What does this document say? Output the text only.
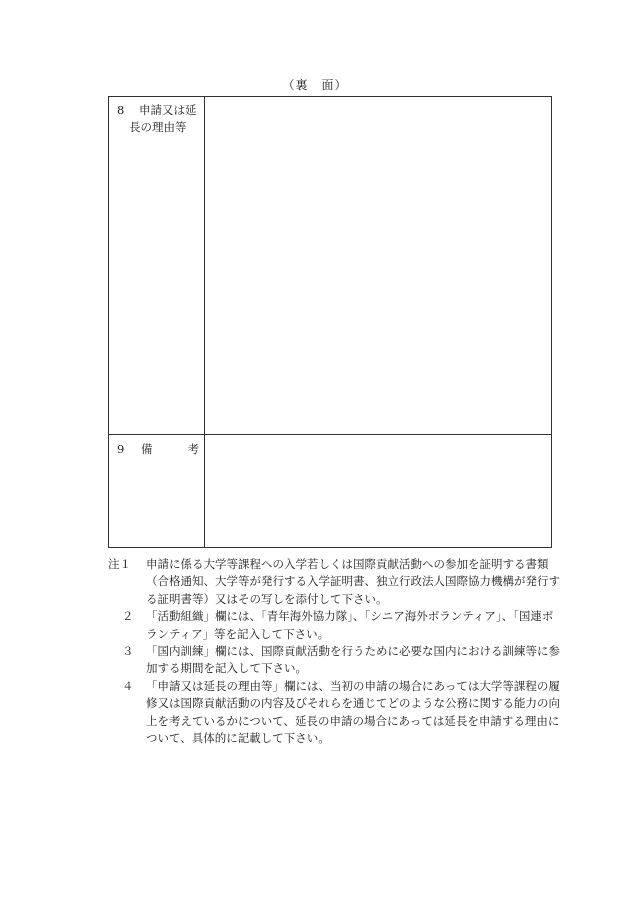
（裏　面）
8 申請又は延
長の理由等
9 備　　考
注１ 申請に係る大学等課程への入学若しくは国際貢献活動への参加を証明する書類（合格通知、大学等が発行する入学証明書、独立行政法人国際協力機構が発行する証明書等）又はその写しを添付して下さい。
２ 「活動組織」欄には、「青年海外協力隊」、「シニア海外ボランティア」、「国連ボランティア」等を記入して下さい。
３ 「国内訓練」欄には、国際貢献活動を行うために必要な国内における訓練等に参加する期間を記入して下さい。
４ 「申請又は延長の理由等」欄には、当初の申請の場合にあっては大学等課程の履修又は国際貢献活動の内容及びそれらを通じてどのような公務に関する能力の向上を考えているかについて、延長の申請の場合にあっては延長を申請する理由について、具体的に記載して下さい。
